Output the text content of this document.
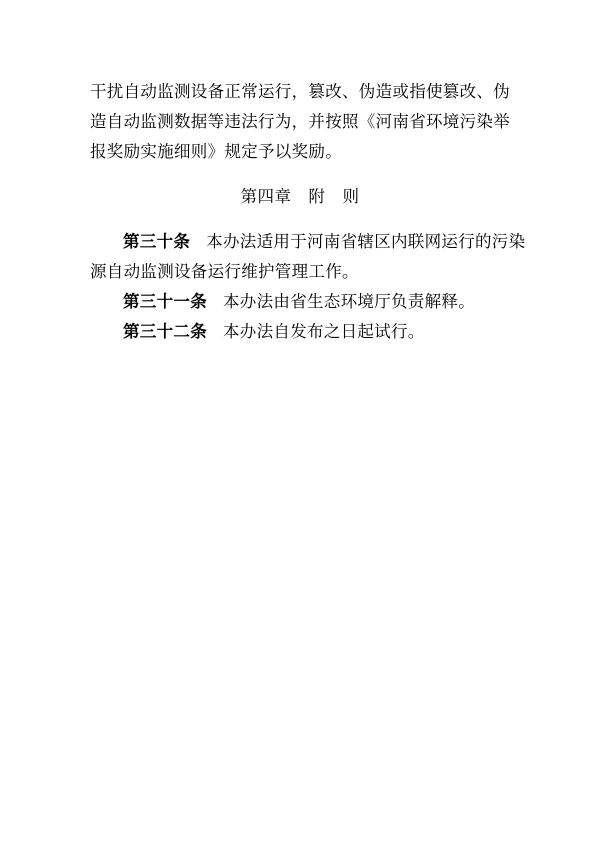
干扰自动监测设备正常运行，篡改、伪造或指使篡改、伪造自动监测数据等违法行为，并按照《河南省环境污染举报奖励实施细则》规定予以奖励。

第四章　附　则

第三十条 本办法适用于河南省辖区内联网运行的污染源自动监测设备运行维护管理工作。

第三十一条 本办法由省生态环境厅负责解释。

第三十二条 本办法自发布之日起试行。
